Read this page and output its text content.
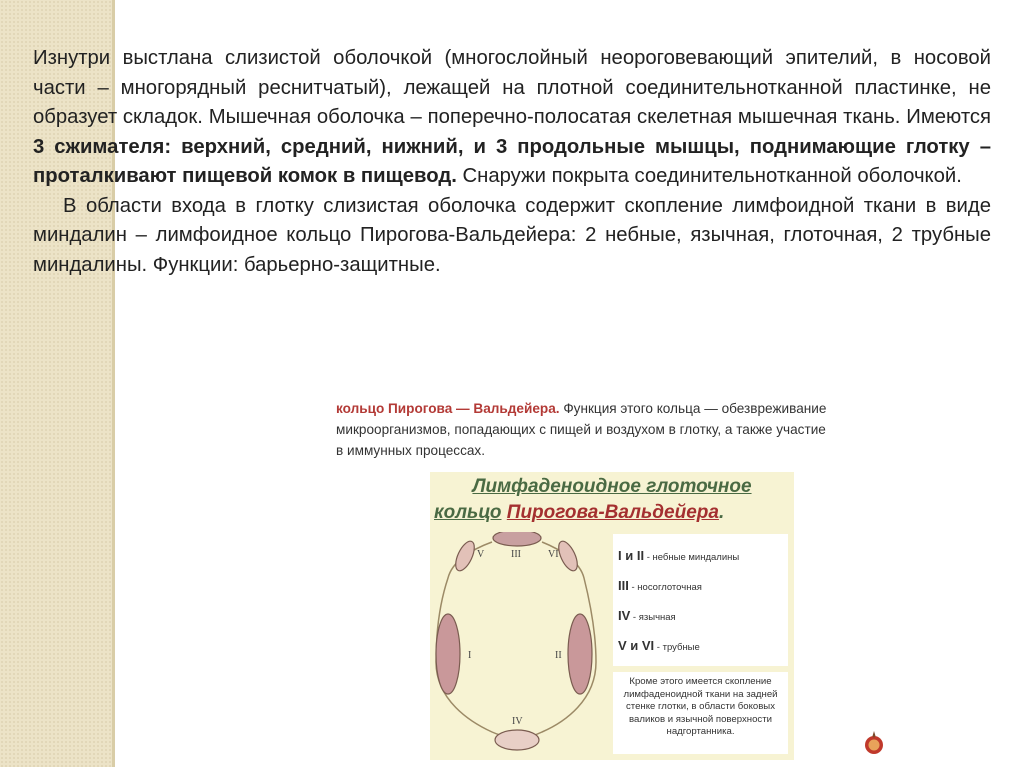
Изнутри выстлана слизистой оболочкой (многослойный неороговевающий эпителий, в носовой части – многорядный реснитчатый), лежащей на плотной соединительнотканной пластинке, не образует складок. Мышечная оболочка – поперечно-полосатая скелетная мышечная ткань. Имеются 3 сжимателя: верхний, средний, нижний, и 3 продольные мышцы, поднимающие глотку – проталкивают пищевой комок в пищевод. Снаружи покрыта соединительнотканной оболочкой.

В области входа в глотку слизистая оболочка содержит скопление лимфоидной ткани в виде миндалин – лимфоидное кольцо Пирогова-Вальдейера: 2 небные, язычная, глоточная, 2 трубные миндалины. Функции: барьерно-защитные.

кольцо Пирогова — Вальдейера. Функция этого кольца — обезвреживание микроорганизмов, попадающих с пищей и воздухом в глотку, а также участие в иммунных процессах.
Лимфаденоидное глоточное
кольцо Пирогова-Вальдейера.
V	III	VI
I	II
IV
I и II - небные миндалины
III - носоглоточная
IV - язычная
V и VI - трубные
Кроме этого имеется скопление лимфаденоидной ткани на задней стенке глотки, в области боковых валиков и язычной поверхности надгортанника.
